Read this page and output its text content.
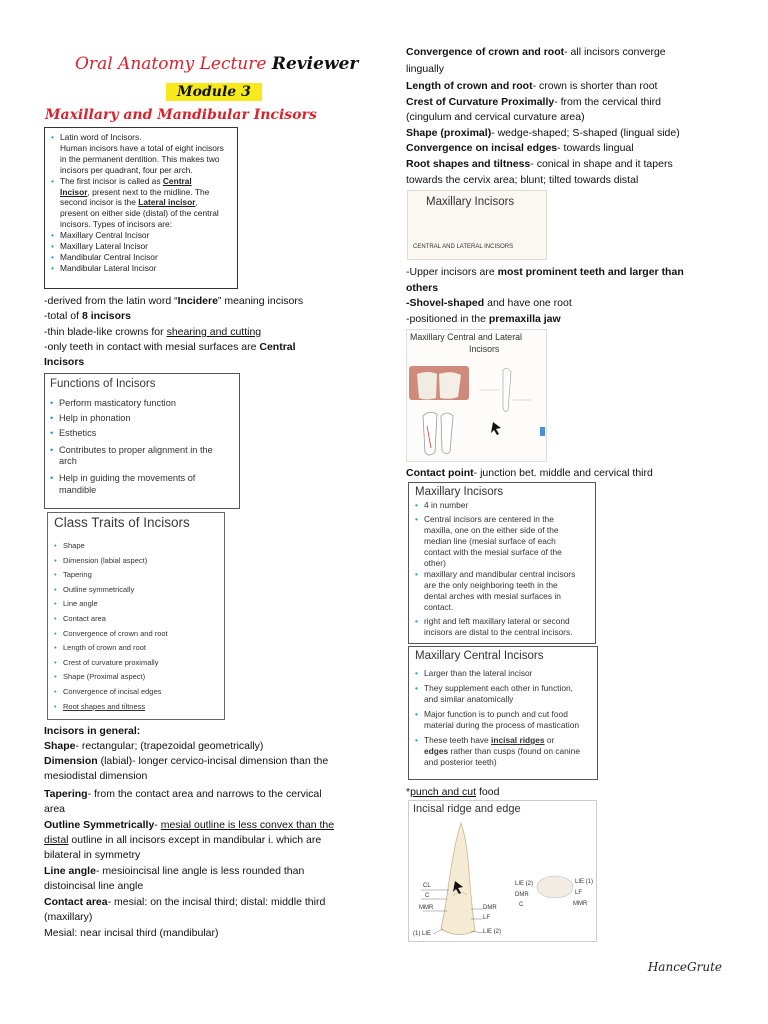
Oral Anatomy Lecture Reviewer
Module 3
Maxillary and Mandibular Incisors
• Latin word of Incisors.
Human incisors have a total of eight incisors
in the permanent dentition. This makes two
incisors per quadrant, four per arch.
• The first incisor is called as Central
Incisor, present next to the midline. The
second incisor is the Lateral incisor,
present on either side (distal) of the central
incisors. Types of incisors are:
• Maxillary Central Incisor
• Maxillary Lateral Incisor
• Mandibular Central Incisor
• Mandibular Lateral Incisor
-derived from the latin word “Incidere” meaning incisors
-total of 8 incisors
-thin blade-like crowns for shearing and cutting
-only teeth in contact with mesial surfaces are Central
Incisors
Functions of Incisors
• Perform masticatory function
• Help in phonation
• Esthetics
• Contributes to proper alignment in the
arch
• Help in guiding the movements of
mandible
Class Traits of Incisors
• Shape
• Dimension (labial aspect)
• Tapering
• Outline symmetrically
• Line angle
• Contact area
• Convergence of crown and root
• Length of crown and root
• Crest of curvature proximally
• Shape (Proximal aspect)
• Convergence of incisal edges
• Root shapes and tiltness
Incisors in general:
Shape- rectangular; (trapezoidal geometrically)
Dimension (labial)- longer cervico-incisal dimension than the
mesiodistal dimension
Tapering- from the contact area and narrows to the cervical
area
Outline Symmetrically- mesial outline is less convex than the
distal outline in all incisors except in mandibular i. which are
bilateral in symmetry
Line angle- mesioincisal line angle is less rounded than
distoincisal line angle
Contact area- mesial: on the incisal third; distal: middle third
(maxillary)
Mesial: near incisal third (mandibular)
Convergence of crown and root- all incisors converge
lingually
Length of crown and root- crown is shorter than root
Crest of Curvature Proximally- from the cervical third
(cingulum and cervical curvature area)
Shape (proximal)- wedge-shaped; S-shaped (lingual side)
Convergence on incisal edges- towards lingual
Root shapes and tiltness- conical in shape and it tapers
towards the cervix area; blunt; tilted towards distal
Maxillary Incisors
CENTRAL AND LATERAL INCISORS
-Upper incisors are most prominent teeth and larger than
others
-Shovel-shaped and have one root
-positioned in the premaxilla jaw
Maxillary Central and Lateral
Incisors
Contact point- junction bet. middle and cervical third
Maxillary Incisors
• 4 in number
• Central incisors are centered in the
maxilla, one on the either side of the
median line (mesial surface of each
contact with the mesial surface of the
other)
• maxillary and mandibular central incisors
are the only neighboring teeth in the
dental arches with mesial surfaces in
contact.
• right and left maxillary lateral or second
incisors are distal to the central incisors.
Maxillary Central Incisors
• Larger than the lateral incisor
• They supplement each other in function,
and similar anatomically
• Major function is to punch and cut food
material during the process of mastication
• These teeth have incisal ridges or
edges rather than cusps (found on canine
and posterior teeth)
*punch and cut food
Incisal ridge and edge
CL
C
MMR
(1) LIE
DMR
LF
LIE (2)
LIE (2)
DMR
C
LIE (1)
LF
MMR
HanceGrute
